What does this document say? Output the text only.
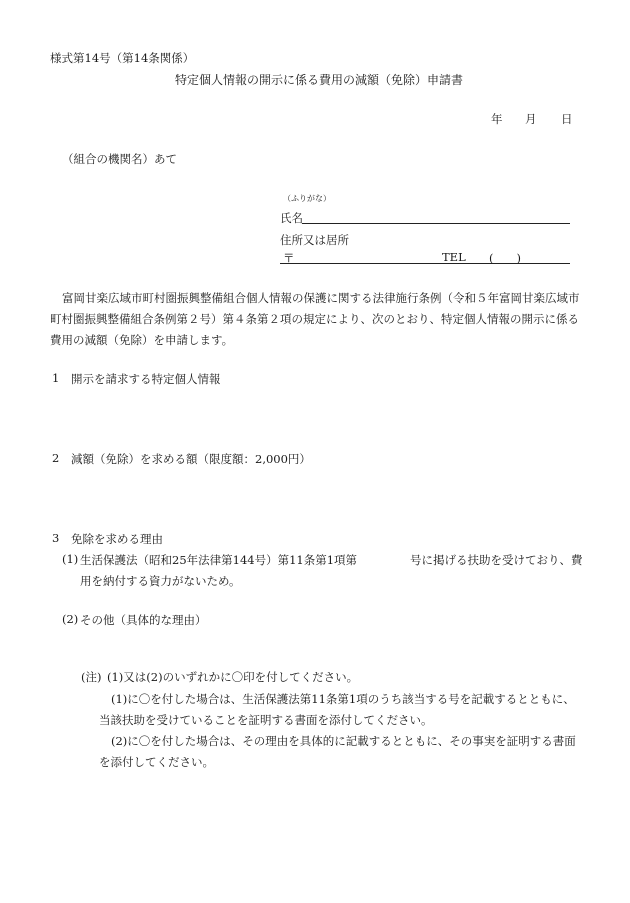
様式第14号（第14条関係）
特定個人情報の開示に係る費用の減額（免除）申請書
年 月 日
（組合の機関名）あて
（ふりがな）
氏名
住所又は居所
〒	TEL (　　)
富岡甘楽広域市町村圏振興整備組合個人情報の保護に関する法律施行条例（令和５年富岡甘楽広域市町村圏振興整備組合条例第２号）第４条第２項の規定により、次のとおり、特定個人情報の開示に係る費用の減額（免除）を申請します。
1 開示を請求する特定個人情報
2 減額（免除）を求める額（限度額：2,000円）
3 免除を求める理由
(1) 生活保護法（昭和25年法律第144号）第11条第1項第	号に掲げる扶助を受けており、費
用を納付する資力がないため。
(2) その他（具体的な理由）
(注) (1)又は(2)のいずれかに〇印を付してください。
(1)に〇を付した場合は、生活保護法第11条第1項のうち該当する号を記載するとともに、当該扶助を受けていることを証明する書面を添付してください。
(2)に〇を付した場合は、その理由を具体的に記載するとともに、その事実を証明する書面を添付してください。
